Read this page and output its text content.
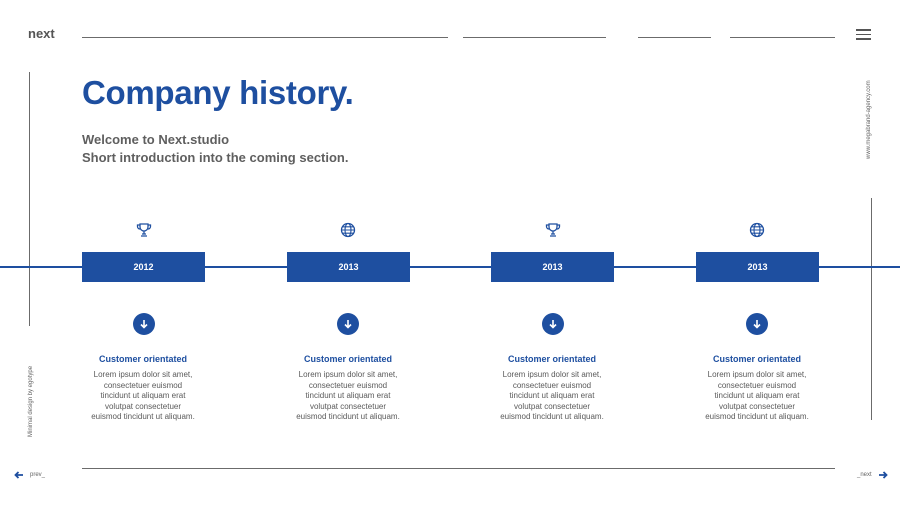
next
Company history.
Welcome to Next.studio
Short introduction into the coming section.	www.megabrand-agency.com
Minimal design by egotype
2012
Customer orientated
Lorem ipsum dolor sit amet,
consectetuer euismod
tincidunt ut aliquam erat
volutpat consectetuer
euismod tincidunt ut aliquam.
2013
Customer orientated
Lorem ipsum dolor sit amet,
consectetuer euismod
tincidunt ut aliquam erat
volutpat consectetuer
euismod tincidunt ut aliquam.
2013
Customer orientated
Lorem ipsum dolor sit amet,
consectetuer euismod
tincidunt ut aliquam erat
volutpat consectetuer
euismod tincidunt ut aliquam.
2013
Customer orientated
Lorem ipsum dolor sit amet,
consectetuer euismod
tincidunt ut aliquam erat
volutpat consectetuer
euismod tincidunt ut aliquam.
prev_	_next
